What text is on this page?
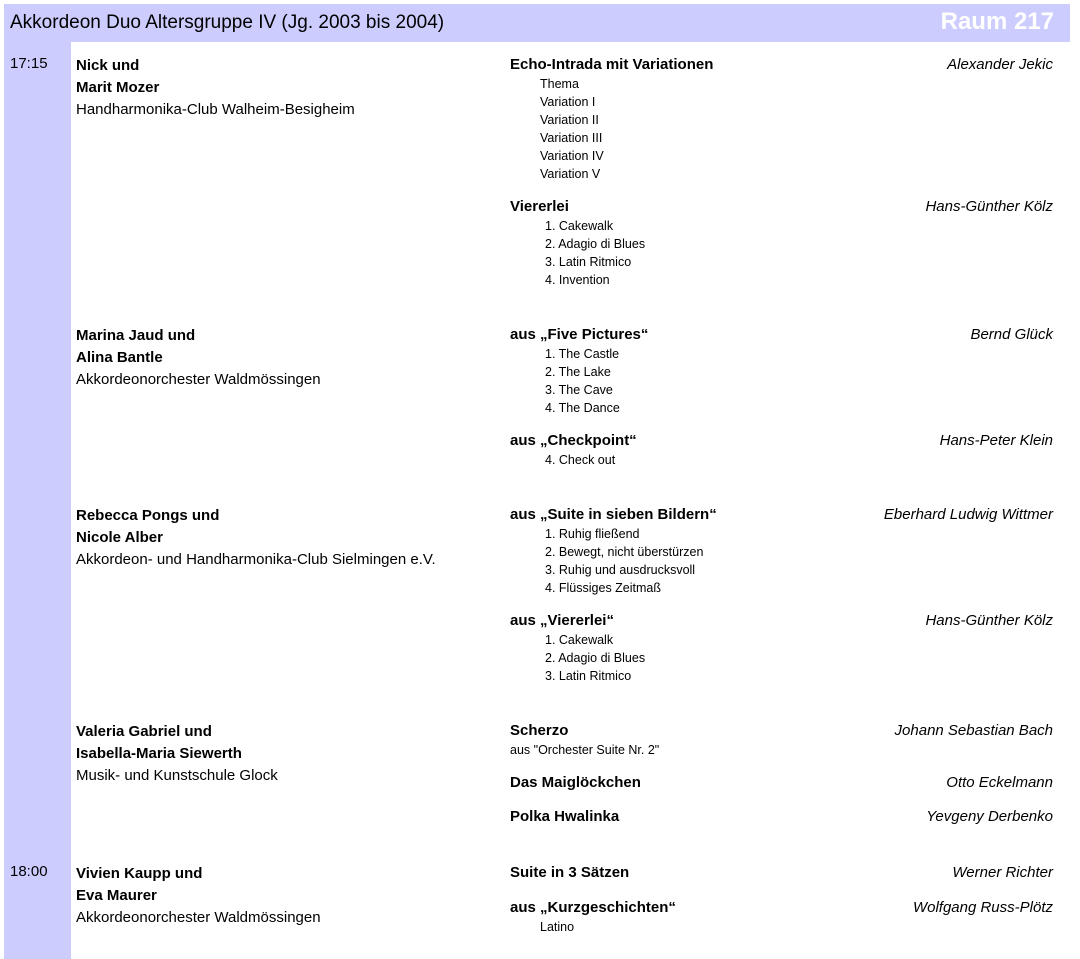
Akkordeon Duo Altersgruppe IV (Jg. 2003 bis 2004)	Raum 217
17:15 Nick und
Marit Mozer
Handharmonika-Club Walheim-Besigheim
Echo-Intrada mit Variationen	Alexander Jekic
Thema
Variation I
Variation II
Variation III
Variation IV
Variation V
Viererlei	Hans-Günther Kölz
1. Cakewalk
2. Adagio di Blues
3. Latin Ritmico
4. Invention
Marina Jaud und
Alina Bantle
Akkordeonorchester Waldmössingen
aus „Five Pictures“	Bernd Glück
1. The Castle
2. The Lake
3. The Cave
4. The Dance
aus „Checkpoint“	Hans-Peter Klein
4. Check out
Rebecca Pongs und
Nicole Alber
Akkordeon- und Handharmonika-Club Sielmingen e.V.
aus „Suite in sieben Bildern“	Eberhard Ludwig Wittmer
1. Ruhig fließend
2. Bewegt, nicht überstürzen
3. Ruhig und ausdrucksvoll
4. Flüssiges Zeitmaß
aus „Viererlei“	Hans-Günther Kölz
1. Cakewalk
2. Adagio di Blues
3. Latin Ritmico
Valeria Gabriel und
Isabella-Maria Siewerth
Musik- und Kunstschule Glock
Scherzo	Johann Sebastian Bach
aus "Orchester Suite Nr. 2"
Das Maiglöckchen	Otto Eckelmann
Polka Hwalinka	Yevgeny Derbenko
18:00 Vivien Kaupp und
Eva Maurer
Akkordeonorchester Waldmössingen
Suite in 3 Sätzen	Werner Richter
aus „Kurzgeschichten“	Wolfgang Russ-Plötz
Latino
